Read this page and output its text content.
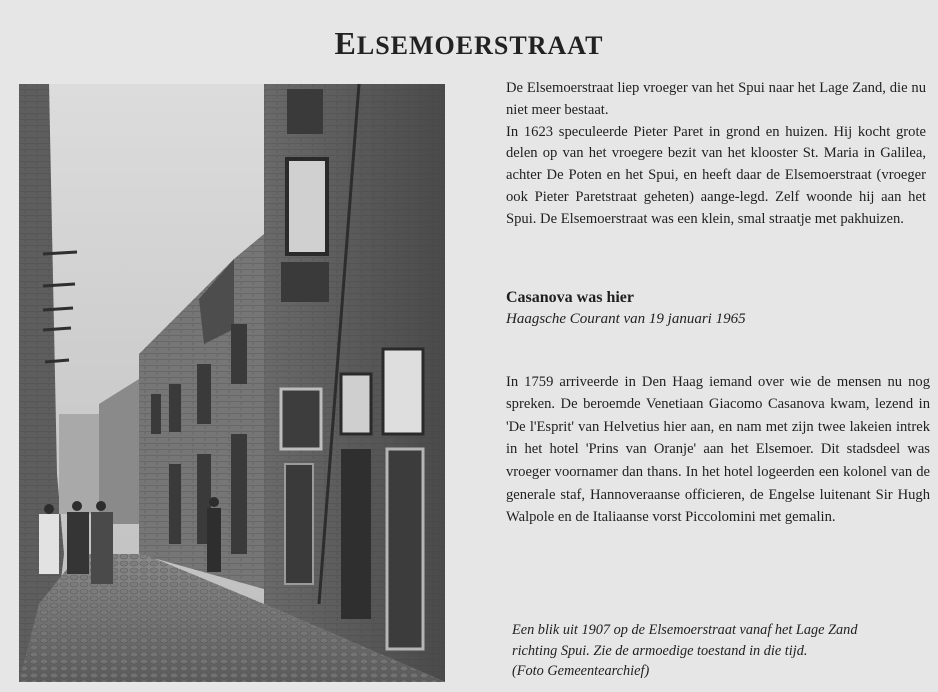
ELSEMOERSTRAAT

De Elsemoerstraat liep vroeger van het Spui naar het Lage Zand, die nu niet meer bestaat.

In 1623 speculeerde Pieter Paret in grond en huizen. Hij kocht grote delen op van het vroegere bezit van het klooster St. Maria in Galilea, achter De Poten en het Spui, en heeft daar de Elsemoerstraat (vroeger ook Pieter Paretstraat geheten) aange-legd. Zelf woonde hij aan het Spui. De Elsemoerstraat was een klein, smal straatje met pakhuizen.

Casanova was hier
Haagsche Courant van 19 januari 1965

In 1759 arriveerde in Den Haag iemand over wie de mensen nu nog spreken. De beroemde Venetiaan Giacomo Casanova kwam, lezend in 'De l'Esprit' van Helvetius hier aan, en nam met zijn twee lakeien intrek in het hotel 'Prins van Oranje' aan het Elsemoer. Dit stadsdeel was vroeger voornamer dan thans. In het hotel logeerden een kolonel van de generale staf, Hannoveraanse officieren, de Engelse luitenant Sir Hugh Walpole en de Italiaanse vorst Piccolomini met gemalin.

Een blik uit 1907 op de Elsemoerstraat vanaf het Lage Zand
richting Spui. Zie de armoedige toestand in die tijd.
(Foto Gemeentearchief)
